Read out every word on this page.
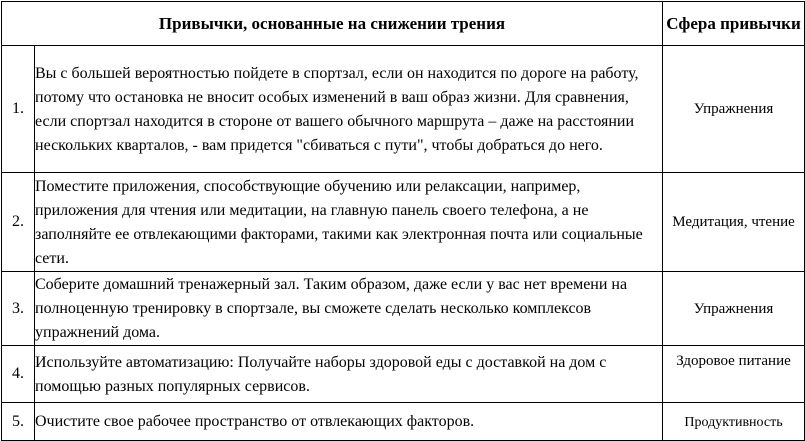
Привычки, основанные на снижении трения		Сфера привычки
1.	Вы с большей вероятностью пойдете в спортзал, если он находится по дороге на работу, потому что остановка не вносит особых изменений в ваш образ жизни. Для сравнения, если спортзал находится в стороне от вашего обычного маршрута – даже на расстоянии нескольких кварталов, - вам придется "сбиваться с пути", чтобы добраться до него.	Упражнения
2.	Поместите приложения, способствующие обучению или релаксации, например, приложения для чтения или медитации, на главную панель своего телефона, а не заполняйте ее отвлекающими факторами, такими как электронная почта или социальные сети.	Медитация, чтение
3.	Соберите домашний тренажерный зал. Таким образом, даже если у вас нет времени на полноценную тренировку в спортзале, вы сможете сделать несколько комплексов упражнений дома.	Упражнения
4.	Используйте автоматизацию: Получайте наборы здоровой еды с доставкой на дом с помощью разных популярных сервисов.	Здоровое питание
5.	Очистите свое рабочее пространство от отвлекающих факторов.	Продуктивность
